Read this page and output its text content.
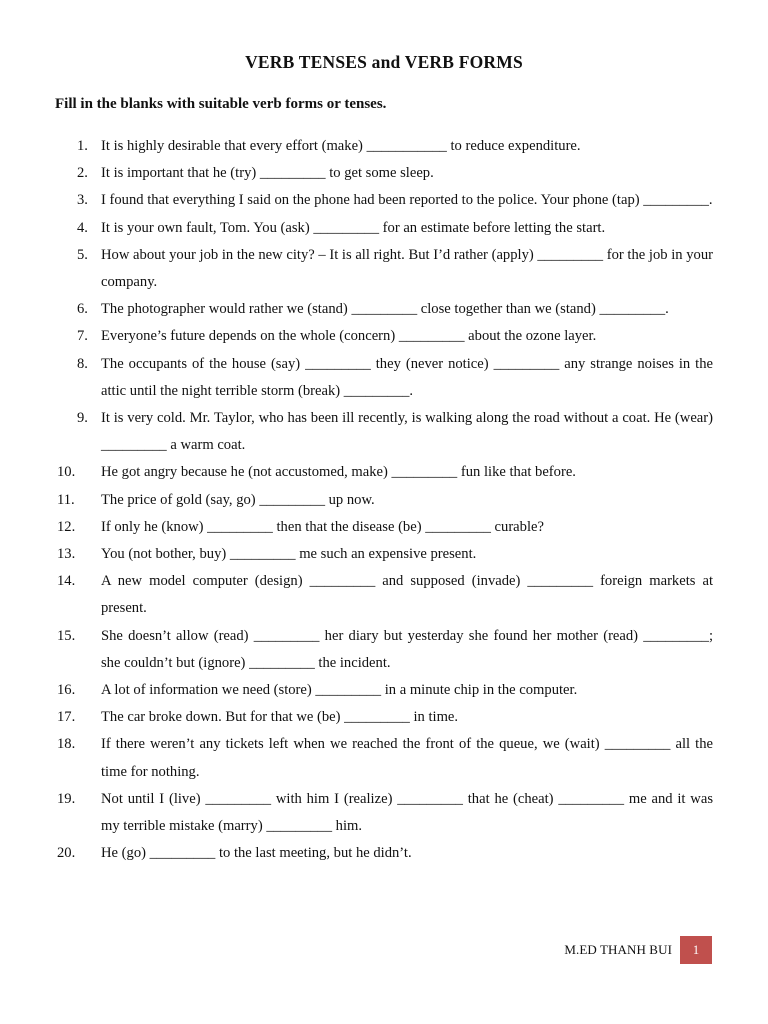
VERB TENSES and VERB FORMS
Fill in the blanks with suitable verb forms or tenses.
1. It is highly desirable that every effort (make) ___________ to reduce expenditure.
2. It is important that he (try) _________ to get some sleep.
3. I found that everything I said on the phone had been reported to the police. Your phone (tap) _________.
4. It is your own fault, Tom. You (ask) _________ for an estimate before letting the start.
5. How about your job in the new city? – It is all right. But I’d rather (apply) _________ for the job in your company.
6. The photographer would rather we (stand) _________ close together than we (stand) _________.
7. Everyone’s future depends on the whole (concern) _________ about the ozone layer.
8. The occupants of the house (say) _________ they (never notice) _________ any strange noises in the attic until the night terrible storm (break) _________.
9. It is very cold. Mr. Taylor, who has been ill recently, is walking along the road without a coat. He (wear) _________ a warm coat.
10.	He got angry because he (not accustomed, make) _________ fun like that before.
11.	The price of gold (say, go) _________ up now.
12.	If only he (know) _________ then that the disease (be) _________ curable?
13.	You (not bother, buy) _________ me such an expensive present.
14.	A new model computer (design) _________ and supposed (invade) _________ foreign markets at present.
15.	She doesn’t allow (read) _________ her diary but yesterday she found her mother (read) _________; she couldn’t but (ignore) _________ the incident.
16.	A lot of information we need (store) _________ in a minute chip in the computer.
17.	The car broke down. But for that we (be) _________ in time.
18.	If there weren’t any tickets left when we reached the front of the queue, we (wait) _________ all the time for nothing.
19.	Not until I (live) _________ with him I (realize) _________ that he (cheat) _________ me and it was my terrible mistake (marry) _________ him.
20.	He (go) _________ to the last meeting, but he didn’t.
M.ED THANH BUI	1
